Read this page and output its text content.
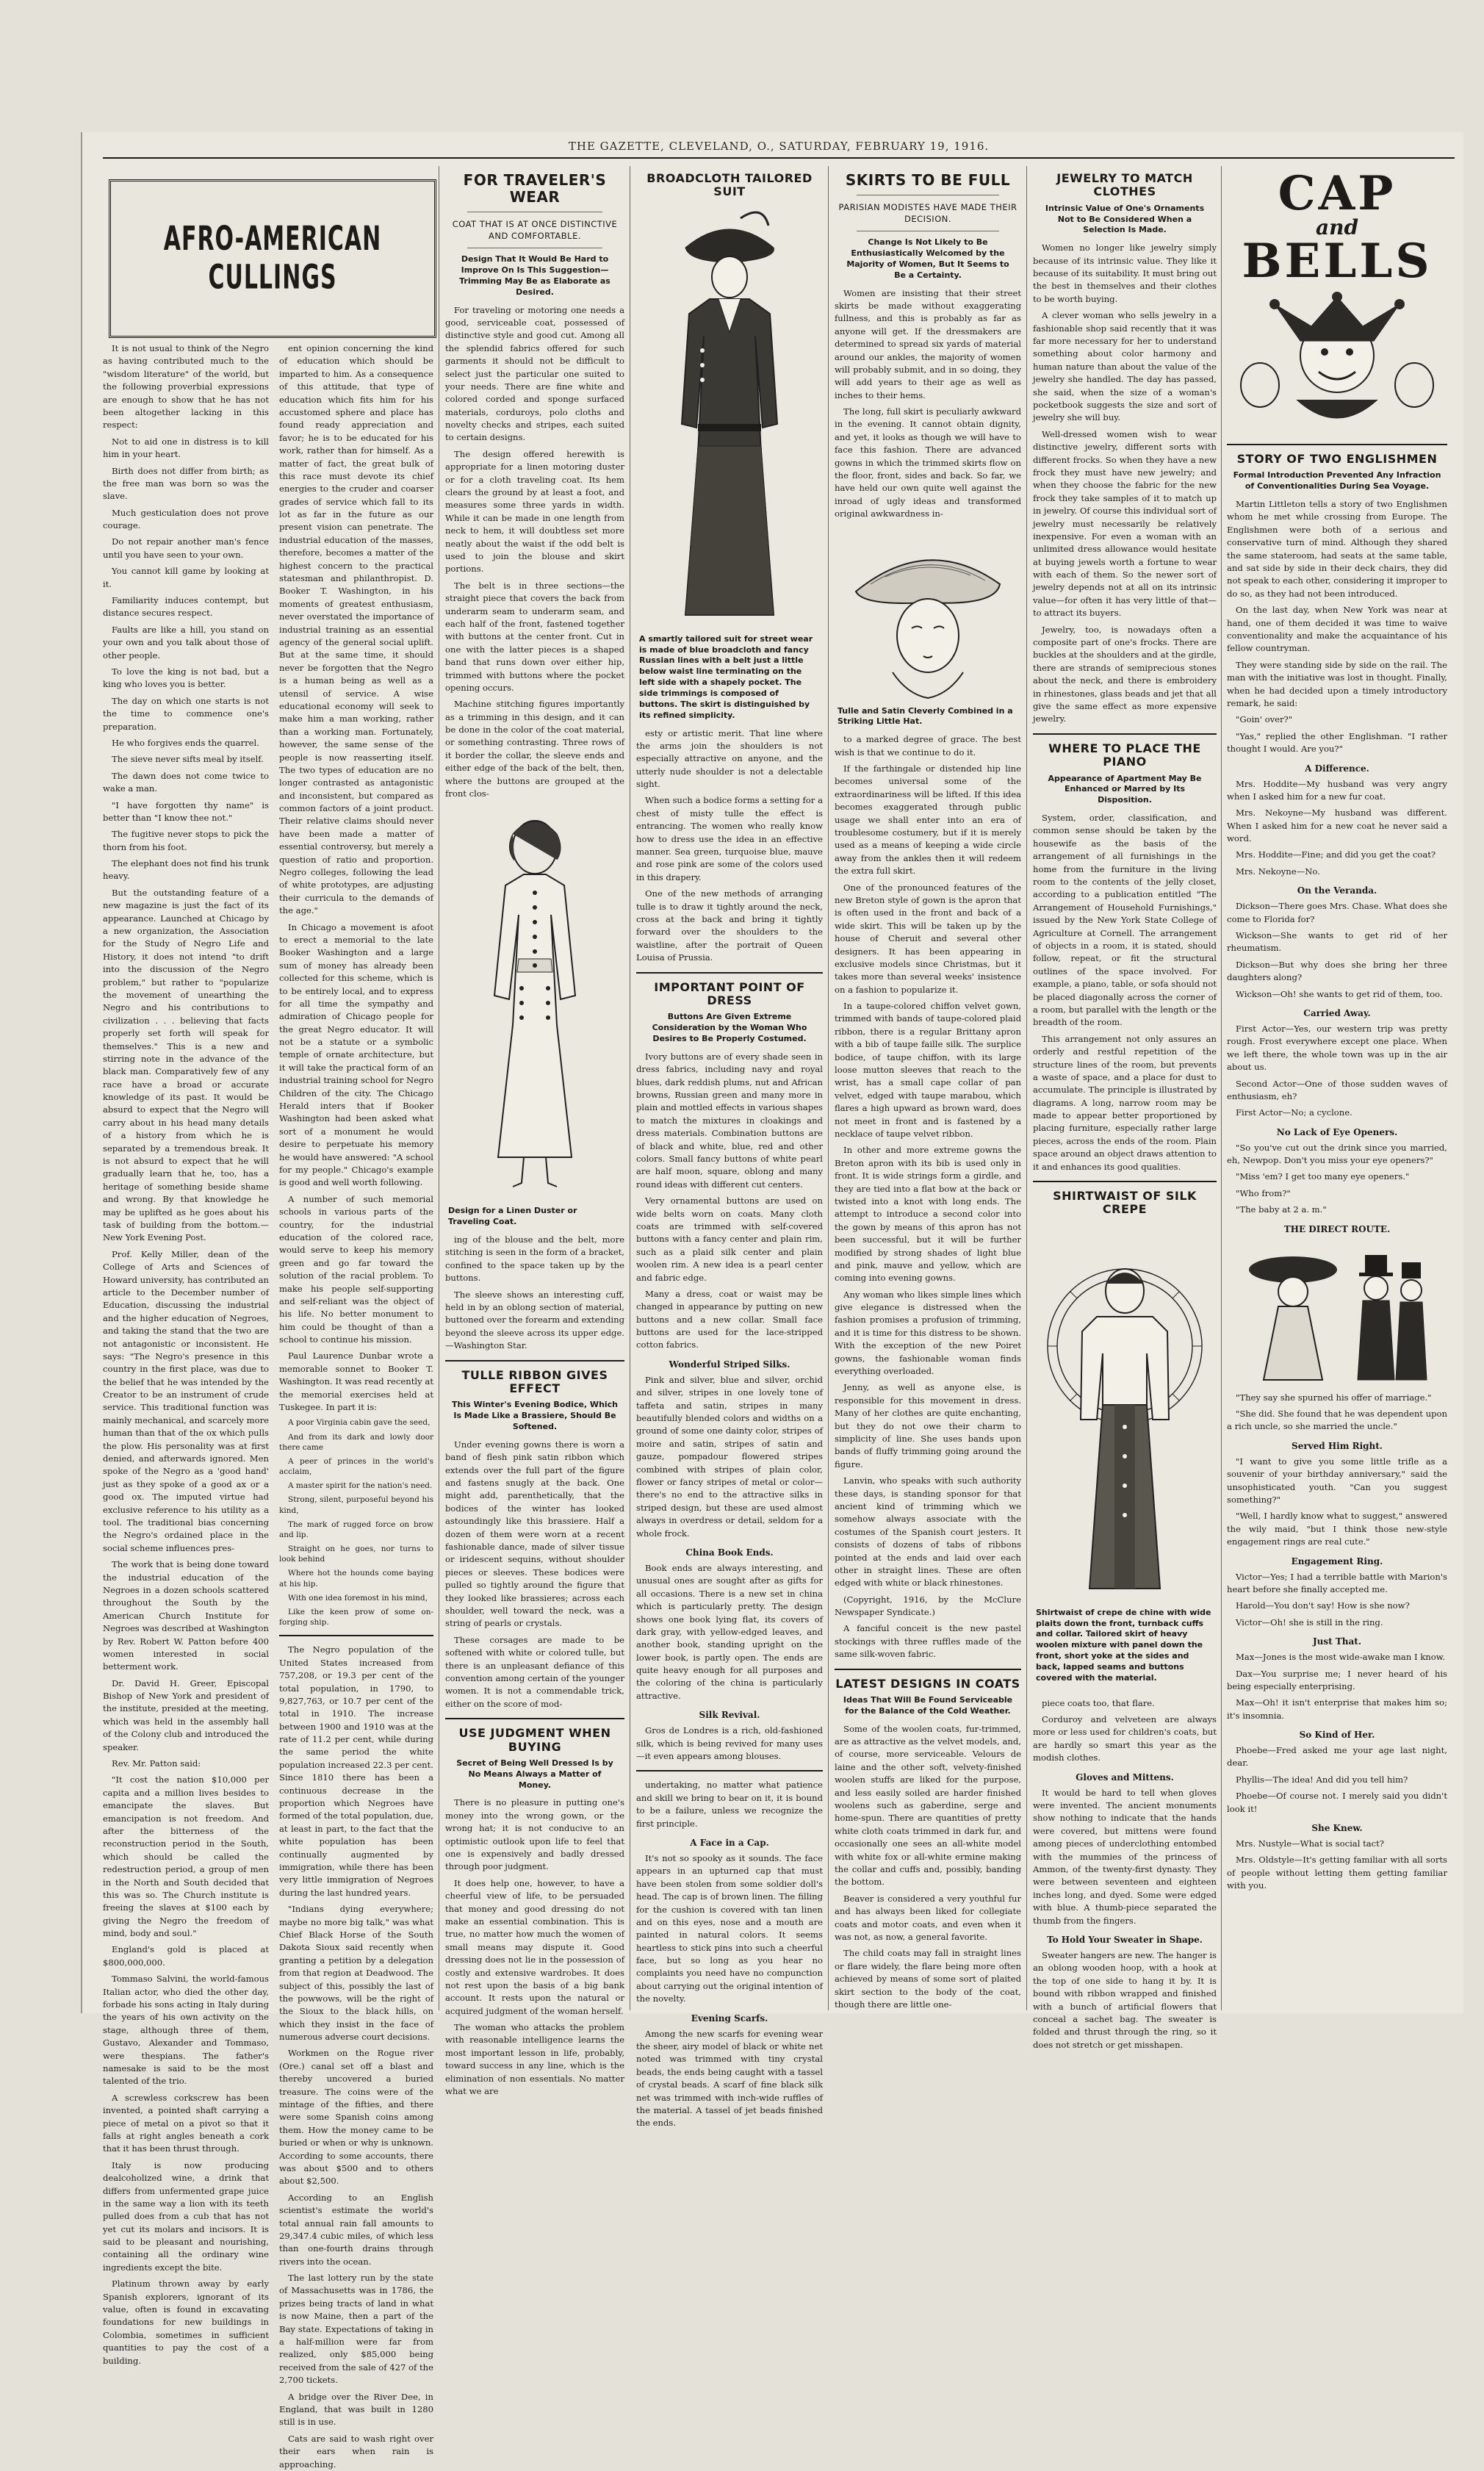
THE GAZETTE, CLEVELAND, O., SATURDAY, FEBRUARY 19, 1916.
AFRO-AMERICAN CULLINGS

It is not usual to think of the Negro as having contributed much to the "wisdom literature" of the world, but the following proverbial expressions are enough to show that he has not been altogether lacking in this respect:

Not to aid one in distress is to kill him in your heart.

Birth does not differ from birth; as the free man was born so was the slave.

Much gesticulation does not prove courage.

Do not repair another man's fence until you have seen to your own.

You cannot kill game by looking at it.

Familiarity induces contempt, but distance secures respect.

Faults are like a hill, you stand on your own and you talk about those of other people.

To love the king is not bad, but a king who loves you is better.

The day on which one starts is not the time to commence one's preparation.

He who forgives ends the quarrel.

The sieve never sifts meal by itself.

The dawn does not come twice to wake a man.

"I have forgotten thy name" is better than "I know thee not."

The fugitive never stops to pick the thorn from his foot.

The elephant does not find his trunk heavy.

But the outstanding feature of a new magazine is just the fact of its appearance. Launched at Chicago by a new organization, the Association for the Study of Negro Life and History, it does not intend "to drift into the discussion of the Negro problem," but rather to "popularize the movement of unearthing the Negro and his contributions to civilization . . . believing that facts properly set forth will speak for themselves." This is a new and stirring note in the advance of the black man. Comparatively few of any race have a broad or accurate knowledge of its past. It would be absurd to expect that the Negro will carry about in his head many details of a history from which he is separated by a tremendous break. It is not absurd to expect that he will gradually learn that he, too, has a heritage of something beside shame and wrong. By that knowledge he may be uplifted as he goes about his task of building from the bottom.—New York Evening Post.

Prof. Kelly Miller, dean of the College of Arts and Sciences of Howard university, has contributed an article to the December number of Education, discussing the industrial and the higher education of Negroes, and taking the stand that the two are not antagonistic or inconsistent. He says: "The Negro's presence in this country in the first place, was due to the belief that he was intended by the Creator to be an instrument of crude service. This traditional function was mainly mechanical, and scarcely more human than that of the ox which pulls the plow. His personality was at first denied, and afterwards ignored. Men spoke of the Negro as a 'good hand' just as they spoke of a good ax or a good ox. The imputed virtue had exclusive reference to his utility as a tool. The traditional bias concerning the Negro's ordained place in the social scheme influences pres-

The work that is being done toward the industrial education of the Negroes in a dozen schools scattered throughout the South by the American Church Institute for Negroes was described at Washington by Rev. Robert W. Patton before 400 women interested in social betterment work.

Dr. David H. Greer, Episcopal Bishop of New York and president of the institute, presided at the meeting, which was held in the assembly hall of the Colony club and introduced the speaker.

Rev. Mr. Patton said:

"It cost the nation $10,000 per capita and a million lives besides to emancipate the slaves. But emancipation is not freedom. And after the bitterness of the reconstruction period in the South, which should be called the redestruction period, a group of men in the North and South decided that this was so. The Church institute is freeing the slaves at $100 each by giving the Negro the freedom of mind, body and soul."

England's gold is placed at $800,000,000.

Tommaso Salvini, the world-famous Italian actor, who died the other day, forbade his sons acting in Italy during the years of his own activity on the stage, although three of them, Gustavo, Alexander and Tommaso, were thespians. The father's namesake is said to be the most talented of the trio.

A screwless corkscrew has been invented, a pointed shaft carrying a piece of metal on a pivot so that it falls at right angles beneath a cork that it has been thrust through.

Italy is now producing dealcoholized wine, a drink that differs from unfermented grape juice in the same way a lion with its teeth pulled does from a cub that has not yet cut its molars and incisors. It is said to be pleasant and nourishing, containing all the ordinary wine ingredients except the bite.

Platinum thrown away by early Spanish explorers, ignorant of its value, often is found in excavating foundations for new buildings in Colombia, sometimes in sufficient quantities to pay the cost of a building.

ent opinion concerning the kind of education which should be imparted to him. As a consequence of this attitude, that type of education which fits him for his accustomed sphere and place has found ready appreciation and favor; he is to be educated for his work, rather than for himself. As a matter of fact, the great bulk of this race must devote its chief energies to the cruder and coarser grades of service which fall to its lot as far in the future as our present vision can penetrate. The industrial education of the masses, therefore, becomes a matter of the highest concern to the practical statesman and philanthropist. D. Booker T. Washington, in his moments of greatest enthusiasm, never overstated the importance of industrial training as an essential agency of the general social uplift. But at the same time, it should never be forgotten that the Negro is a human being as well as a utensil of service. A wise educational economy will seek to make him a man working, rather than a working man. Fortunately, however, the same sense of the people is now reasserting itself. The two types of education are no longer contrasted as antagonistic and inconsistent, but compared as common factors of a joint product. Their relative claims should never have been made a matter of essential controversy, but merely a question of ratio and proportion. Negro colleges, following the lead of white prototypes, are adjusting their curricula to the demands of the age."

In Chicago a movement is afoot to erect a memorial to the late Booker Washington and a large sum of money has already been collected for this scheme, which is to be entirely local, and to express for all time the sympathy and admiration of Chicago people for the great Negro educator. It will not be a statute or a symbolic temple of ornate architecture, but it will take the practical form of an industrial training school for Negro Children of the city. The Chicago Herald inters that if Booker Washington had been asked what sort of a monument he would desire to perpetuate his memory he would have answered: "A school for my people." Chicago's example is good and well worth following.

A number of such memorial schools in various parts of the country, for the industrial education of the colored race, would serve to keep his memory green and go far toward the solution of the racial problem. To make his people self-supporting and self-reliant was the object of his life. No better monument to him could be thought of than a school to continue his mission.

Paul Laurence Dunbar wrote a memorable sonnet to Booker T. Washington. It was read recently at the memorial exercises held at Tuskegee. In part it is:

A poor Virginia cabin gave the seed,

And from its dark and lowly door there came

A peer of princes in the world's acclaim,

A master spirit for the nation's need.

Strong, silent, purposeful beyond his kind,

The mark of rugged force on brow and lip.

Straight on he goes, nor turns to look behind

Where hot the hounds come baying at his hip.

With one idea foremost in his mind,

Like the keen prow of some on-forging ship.

The Negro population of the United States increased from 757,208, or 19.3 per cent of the total population, in 1790, to 9,827,763, or 10.7 per cent of the total in 1910. The increase between 1900 and 1910 was at the rate of 11.2 per cent, while during the same period the white population increased 22.3 per cent. Since 1810 there has been a continuous decrease in the proportion which Negroes have formed of the total population, due, at least in part, to the fact that the white population has been continually augmented by immigration, while there has been very little immigration of Negroes during the last hundred years.

"Indians dying everywhere; maybe no more big talk," was what Chief Black Horse of the South Dakota Sioux said recently when granting a petition by a delegation from that region at Deadwood. The subject of this, possibly the last of the powwows, will be the right of the Sioux to the black hills, on which they insist in the face of numerous adverse court decisions.

Workmen on the Rogue river (Ore.) canal set off a blast and thereby uncovered a buried treasure. The coins were of the mintage of the fifties, and there were some Spanish coins among them. How the money came to be buried or when or why is unknown. According to some accounts, there was about $500 and to others about $2,500.

According to an English scientist's estimate the world's total annual rain fall amounts to 29,347.4 cubic miles, of which less than one-fourth drains through rivers into the ocean.

The last lottery run by the state of Massachusetts was in 1786, the prizes being tracts of land in what is now Maine, then a part of the Bay state. Expectations of taking in a half-million were far from realized, only $85,000 being received from the sale of 427 of the 2,700 tickets.

A bridge over the River Dee, in England, that was built in 1280 still is in use.

Cats are said to wash right over their ears when rain is approaching.

FOR TRAVELER'S WEAR
COAT THAT IS AT ONCE DISTINCTIVE AND COMFORTABLE.
Design That It Would Be Hard to Improve On Is This Suggestion—Trimming May Be as Elaborate as Desired.

For traveling or motoring one needs a good, serviceable coat, possessed of distinctive style and good cut. Among all the splendid fabrics offered for such garments it should not be difficult to select just the particular one suited to your needs. There are fine white and colored corded and sponge surfaced materials, corduroys, polo cloths and novelty checks and stripes, each suited to certain designs.

The design offered herewith is appropriate for a linen motoring duster or for a cloth traveling coat. Its hem clears the ground by at least a foot, and measures some three yards in width. While it can be made in one length from neck to hem, it will doubtless set more neatly about the waist if the odd belt is used to join the blouse and skirt portions.

The belt is in three sections—the straight piece that covers the back from underarm seam to underarm seam, and each half of the front, fastened together with buttons at the center front. Cut in one with the latter pieces is a shaped band that runs down over either hip, trimmed with buttons where the pocket opening occurs.

Machine stitching figures importantly as a trimming in this design, and it can be done in the color of the coat material, or something contrasting. Three rows of it border the collar, the sleeve ends and either edge of the back of the belt, then, where the buttons are grouped at the front clos-

Design for a Linen Duster or Traveling Coat.

ing of the blouse and the belt, more stitching is seen in the form of a bracket, confined to the space taken up by the buttons.

The sleeve shows an interesting cuff, held in by an oblong section of material, buttoned over the forearm and extending beyond the sleeve across its upper edge.—Washington Star.

TULLE RIBBON GIVES EFFECT
This Winter's Evening Bodice, Which Is Made Like a Brassiere, Should Be Softened.

Under evening gowns there is worn a band of flesh pink satin ribbon which extends over the full part of the figure and fastens snugly at the back. One might add, parenthetically, that the bodices of the winter has looked astoundingly like this brassiere. Half a dozen of them were worn at a recent fashionable dance, made of silver tissue or iridescent sequins, without shoulder pieces or sleeves. These bodices were pulled so tightly around the figure that they looked like brassieres; across each shoulder, well toward the neck, was a string of pearls or crystals.

These corsages are made to be softened with white or colored tulle, but there is an unpleasant defiance of this convention among certain of the younger women. It is not a commendable trick, either on the score of mod-

USE JUDGMENT WHEN BUYING
Secret of Being Well Dressed Is by No Means Always a Matter of Money.

There is no pleasure in putting one's money into the wrong gown, or the wrong hat; it is not conducive to an optimistic outlook upon life to feel that one is expensively and badly dressed through poor judgment.

It does help one, however, to have a cheerful view of life, to be persuaded that money and good dressing do not make an essential combination. This is true, no matter how much the women of small means may dispute it. Good dressing does not lie in the possession of costly and extensive wardrobes. It does not rest upon the basis of a big bank account. It rests upon the natural or acquired judgment of the woman herself.

The woman who attacks the problem with reasonable intelligence learns the most important lesson in life, probably, toward success in any line, which is the elimination of non essentials. No matter what we are

BROADCLOTH TAILORED SUIT
A smartly tailored suit for street wear is made of blue broadcloth and fancy Russian lines with a belt just a little below waist line terminating on the left side with a shapely pocket. The side trimmings is composed of buttons. The skirt is distinguished by its refined simplicity.

esty or artistic merit. That line where the arms join the shoulders is not especially attractive on anyone, and the utterly nude shoulder is not a delectable sight.

When such a bodice forms a setting for a chest of misty tulle the effect is entrancing. The women who really know how to dress use the idea in an effective manner. Sea green, turquoise blue, mauve and rose pink are some of the colors used in this drapery.

One of the new methods of arranging tulle is to draw it tightly around the neck, cross at the back and bring it tightly forward over the shoulders to the waistline, after the portrait of Queen Louisa of Prussia.

IMPORTANT POINT OF DRESS
Buttons Are Given Extreme Consideration by the Woman Who Desires to Be Properly Costumed.

Ivory buttons are of every shade seen in dress fabrics, including navy and royal blues, dark reddish plums, nut and African browns, Russian green and many more in plain and mottled effects in various shapes to match the mixtures in cloakings and dress materials. Combination buttons are of black and white, blue, red and other colors. Small fancy buttons of white pearl are half moon, square, oblong and many round ideas with different cut centers.

Very ornamental buttons are used on wide belts worn on coats. Many cloth coats are trimmed with self-covered buttons with a fancy center and plain rim, such as a plaid silk center and plain woolen rim. A new idea is a pearl center and fabric edge.

Many a dress, coat or waist may be changed in appearance by putting on new buttons and a new collar. Small face buttons are used for the lace-stripped cotton fabrics.

Wonderful Striped Silks.

Pink and silver, blue and silver, orchid and silver, stripes in one lovely tone of taffeta and satin, stripes in many beautifully blended colors and widths on a ground of some one dainty color, stripes of moire and satin, stripes of satin and gauze, pompadour flowered stripes combined with stripes of plain color, flower or fancy stripes of metal or color—there's no end to the attractive silks in striped design, but these are used almost always in overdress or detail, seldom for a whole frock.

China Book Ends.

Book ends are always interesting, and unusual ones are sought after as gifts for all occasions. There is a new set in china which is particularly pretty. The design shows one book lying flat, its covers of dark gray, with yellow-edged leaves, and another book, standing upright on the lower book, is partly open. The ends are quite heavy enough for all purposes and the coloring of the china is particularly attractive.

Silk Revival.

Gros de Londres is a rich, old-fashioned silk, which is being revived for many uses—it even appears among blouses.

undertaking, no matter what patience and skill we bring to bear on it, it is bound to be a failure, unless we recognize the first principle.

A Face in a Cap.

It's not so spooky as it sounds. The face appears in an upturned cap that must have been stolen from some soldier doll's head. The cap is of brown linen. The filling for the cushion is covered with tan linen and on this eyes, nose and a mouth are painted in natural colors. It seems heartless to stick pins into such a cheerful face, but so long as you hear no complaints you need have no compunction about carrying out the original intention of the novelty.

Evening Scarfs.

Among the new scarfs for evening wear the sheer, airy model of black or white net noted was trimmed with tiny crystal beads, the ends being caught with a tassel of crystal beads. A scarf of fine black silk net was trimmed with inch-wide ruffles of the material. A tassel of jet beads finished the ends.

SKIRTS TO BE FULL
PARISIAN MODISTES HAVE MADE THEIR DECISION.
Change Is Not Likely to Be Enthusiastically Welcomed by the Majority of Women, But It Seems to Be a Certainty.

Women are insisting that their street skirts be made without exaggerating fullness, and this is probably as far as anyone will get. If the dressmakers are determined to spread six yards of material around our ankles, the majority of women will probably submit, and in so doing, they will add years to their age as well as inches to their hems.

The long, full skirt is peculiarly awkward in the evening. It cannot obtain dignity, and yet, it looks as though we will have to face this fashion. There are advanced gowns in which the trimmed skirts flow on the floor, front, sides and back. So far, we have held our own quite well against the inroad of ugly ideas and transformed original awkwardness in-

Tulle and Satin Cleverly Combined in a Striking Little Hat.

to a marked degree of grace. The best wish is that we continue to do it.

If the farthingale or distended hip line becomes universal some of the extraordinariness will be lifted. If this idea becomes exaggerated through public usage we shall enter into an era of troublesome costumery, but if it is merely used as a means of keeping a wide circle away from the ankles then it will redeem the extra full skirt.

One of the pronounced features of the new Breton style of gown is the apron that is often used in the front and back of a wide skirt. This will be taken up by the house of Cheruit and several other designers. It has been appearing in exclusive models since Christmas, but it takes more than several weeks' insistence on a fashion to popularize it.

In a taupe-colored chiffon velvet gown, trimmed with bands of taupe-colored plaid ribbon, there is a regular Brittany apron with a bib of taupe faille silk. The surplice bodice, of taupe chiffon, with its large loose mutton sleeves that reach to the wrist, has a small cape collar of pan velvet, edged with taupe marabou, which flares a high upward as brown ward, does not meet in front and is fastened by a necklace of taupe velvet ribbon.

In other and more extreme gowns the Breton apron with its bib is used only in front. It is wide strings form a girdle, and they are tied into a flat bow at the back or twisted into a knot with long ends. The attempt to introduce a second color into the gown by means of this apron has not been successful, but it will be further modified by strong shades of light blue and pink, mauve and yellow, which are coming into evening gowns.

Any woman who likes simple lines which give elegance is distressed when the fashion promises a profusion of trimming, and it is time for this distress to be shown. With the exception of the new Poiret gowns, the fashionable woman finds everything overloaded.

Jenny, as well as anyone else, is responsible for this movement in dress. Many of her clothes are quite enchanting, but they do not owe their charm to simplicity of line. She uses bands upon bands of fluffy trimming going around the figure.

Lanvin, who speaks with such authority these days, is standing sponsor for that ancient kind of trimming which we somehow always associate with the costumes of the Spanish court jesters. It consists of dozens of tabs of ribbons pointed at the ends and laid over each other in straight lines. These are often edged with white or black rhinestones.

(Copyright, 1916, by the McClure Newspaper Syndicate.)

A fanciful conceit is the new pastel stockings with three ruffles made of the same silk-woven fabric.

LATEST DESIGNS IN COATS
Ideas That Will Be Found Serviceable for the Balance of the Cold Weather.

Some of the woolen coats, fur-trimmed, are as attractive as the velvet models, and, of course, more serviceable. Velours de laine and the other soft, velvety-finished woolen stuffs are liked for the purpose, and less easily soiled are harder finished woolens such as gaberdine, serge and home-spun. There are quantities of pretty white cloth coats trimmed in dark fur, and occasionally one sees an all-white model with white fox or all-white ermine making the collar and cuffs and, possibly, banding the bottom.

Beaver is considered a very youthful fur and has always been liked for collegiate coats and motor coats, and even when it was not, as now, a general favorite.

The child coats may fall in straight lines or flare widely, the flare being more often achieved by means of some sort of plaited skirt section to the body of the coat, though there are little one-

JEWELRY TO MATCH CLOTHES
Intrinsic Value of One's Ornaments Not to Be Considered When a Selection Is Made.

Women no longer like jewelry simply because of its intrinsic value. They like it because of its suitability. It must bring out the best in themselves and their clothes to be worth buying.

A clever woman who sells jewelry in a fashionable shop said recently that it was far more necessary for her to understand something about color harmony and human nature than about the value of the jewelry she handled. The day has passed, she said, when the size of a woman's pocketbook suggests the size and sort of jewelry she will buy.

Well-dressed women wish to wear distinctive jewelry, different sorts with different frocks. So when they have a new frock they must have new jewelry; and when they choose the fabric for the new frock they take samples of it to match up in jewelry. Of course this individual sort of jewelry must necessarily be relatively inexpensive. For even a woman with an unlimited dress allowance would hesitate at buying jewels worth a fortune to wear with each of them. So the newer sort of jewelry depends not at all on its intrinsic value—for often it has very little of that—to attract its buyers.

Jewelry, too, is nowadays often a composite part of one's frocks. There are buckles at the shoulders and at the girdle, there are strands of semiprecious stones about the neck, and there is embroidery in rhinestones, glass beads and jet that all give the same effect as more expensive jewelry.

WHERE TO PLACE THE PIANO
Appearance of Apartment May Be Enhanced or Marred by Its Disposition.

System, order, classification, and common sense should be taken by the housewife as the basis of the arrangement of all furnishings in the home from the furniture in the living room to the contents of the jelly closet, according to a publication entitled "The Arrangement of Household Furnishings," issued by the New York State College of Agriculture at Cornell. The arrangement of objects in a room, it is stated, should follow, repeat, or fit the structural outlines of the space involved. For example, a piano, table, or sofa should not be placed diagonally across the corner of a room, but parallel with the length or the breadth of the room.

This arrangement not only assures an orderly and restful repetition of the structure lines of the room, but prevents a waste of space, and a place for dust to accumulate. The principle is illustrated by diagrams. A long, narrow room may be made to appear better proportioned by placing furniture, especially rather large pieces, across the ends of the room. Plain space around an object draws attention to it and enhances its good qualities.

SHIRTWAIST OF SILK CREPE
Shirtwaist of crepe de chine with wide plaits down the front, turnback cuffs and collar. Tailored skirt of heavy woolen mixture with panel down the front, short yoke at the sides and back, lapped seams and buttons covered with the material.

piece coats too, that flare.

Corduroy and velveteen are always more or less used for children's coats, but are hardly so smart this year as the modish clothes.

Gloves and Mittens.

It would be hard to tell when gloves were invented. The ancient monuments show nothing to indicate that the hands were covered, but mittens were found among pieces of underclothing entombed with the mummies of the princess of Ammon, of the twenty-first dynasty. They were between seventeen and eighteen inches long, and dyed. Some were edged with blue. A thumb-piece separated the thumb from the fingers.

To Hold Your Sweater in Shape.

Sweater hangers are new. The hanger is an oblong wooden hoop, with a hook at the top of one side to hang it by. It is bound with ribbon wrapped and finished with a bunch of artificial flowers that conceal a sachet bag. The sweater is folded and thrust through the ring, so it does not stretch or get misshapen.

CAP
and
BELLS
STORY OF TWO ENGLISHMEN
Formal Introduction Prevented Any Infraction of Conventionalities During Sea Voyage.

Martin Littleton tells a story of two Englishmen whom he met while crossing from Europe. The Englishmen were both of a serious and conservative turn of mind. Although they shared the same stateroom, had seats at the same table, and sat side by side in their deck chairs, they did not speak to each other, considering it improper to do so, as they had not been introduced.

On the last day, when New York was near at hand, one of them decided it was time to waive conventionality and make the acquaintance of his fellow countryman.

They were standing side by side on the rail. The man with the initiative was lost in thought. Finally, when he had decided upon a timely introductory remark, he said:

"Goin' over?"

"Yas," replied the other Englishman. "I rather thought I would. Are you?"

A Difference.

Mrs. Hoddite—My husband was very angry when I asked him for a new fur coat.

Mrs. Nekoyne—My husband was different. When I asked him for a new coat he never said a word.

Mrs. Hoddite—Fine; and did you get the coat?

Mrs. Nekoyne—No.

On the Veranda.

Dickson—There goes Mrs. Chase. What does she come to Florida for?

Wickson—She wants to get rid of her rheumatism.

Dickson—But why does she bring her three daughters along?

Wickson—Oh! she wants to get rid of them, too.

Carried Away.

First Actor—Yes, our western trip was pretty rough. Frost everywhere except one place. When we left there, the whole town was up in the air about us.

Second Actor—One of those sudden waves of enthusiasm, eh?

First Actor—No; a cyclone.

No Lack of Eye Openers.

"So you've cut out the drink since you married, eh, Newpop. Don't you miss your eye openers?"

"Miss 'em? I get too many eye openers."

"Who from?"

"The baby at 2 a. m."

THE DIRECT ROUTE.

"They say she spurned his offer of marriage."

"She did. She found that he was dependent upon a rich uncle, so she married the uncle."

Served Him Right.

"I want to give you some little trifle as a souvenir of your birthday anniversary," said the unsophisticated youth. "Can you suggest something?"

"Well, I hardly know what to suggest," answered the wily maid, "but I think those new-style engagement rings are real cute."

Engagement Ring.

Victor—Yes; I had a terrible battle with Marion's heart before she finally accepted me.

Harold—You don't say! How is she now?

Victor—Oh! she is still in the ring.

Just That.

Max—Jones is the most wide-awake man I know.

Dax—You surprise me; I never heard of his being especially enterprising.

Max—Oh! it isn't enterprise that makes him so; it's insomnia.

So Kind of Her.

Phoebe—Fred asked me your age last night, dear.

Phyllis—The idea! And did you tell him?

Phoebe—Of course not. I merely said you didn't look it!

She Knew.

Mrs. Nustyle—What is social tact?

Mrs. Oldstyle—It's getting familiar with all sorts of people without letting them getting familiar with you.
